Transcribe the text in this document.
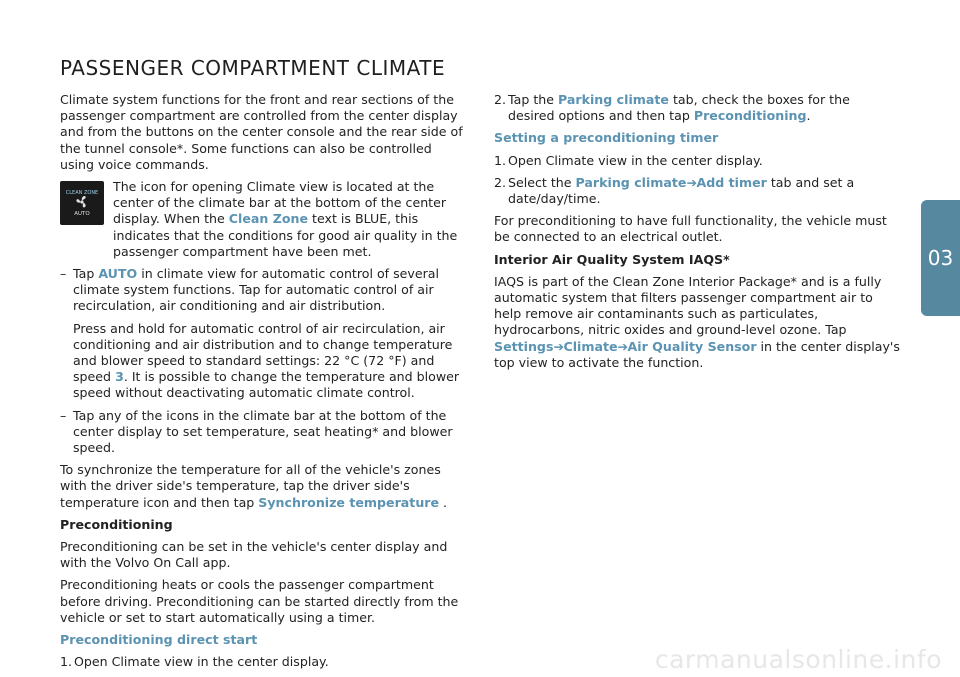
PASSENGER COMPARTMENT CLIMATE

Climate system functions for the front and rear sections of the passenger compartment are controlled from the center display and from the buttons on the center console and the rear side of the tunnel console*. Some functions can also be controlled using voice commands.

CLEAN ZONE
AUTO
The icon for opening Climate view is located at the center of the climate bar at the bottom of the center display. When the Clean Zone text is BLUE, this indicates that the conditions for good air quality in the passenger compartment have been met.

– Tap AUTO in climate view for automatic control of several climate system functions. Tap for automatic control of air recirculation, air conditioning and air distribution.

Press and hold for automatic control of air recirculation, air conditioning and air distribution and to change temperature and blower speed to standard settings: 22 °C (72 °F) and speed 3. It is possible to change the temperature and blower speed without deactivating automatic climate control.

– Tap any of the icons in the climate bar at the bottom of the center display to set temperature, seat heating* and blower speed.

To synchronize the temperature for all of the vehicle's zones with the driver side's temperature, tap the driver side's temperature icon and then tap Synchronize temperature .

Preconditioning

Preconditioning can be set in the vehicle's center display and with the Volvo On Call app.

Preconditioning heats or cools the passenger compartment before driving. Preconditioning can be started directly from the vehicle or set to start automatically using a timer.

Preconditioning direct start

1. Open Climate view in the center display.
2. Tap the Parking climate tab, check the boxes for the desired options and then tap Preconditioning.

Setting a preconditioning timer

1. Open Climate view in the center display.
2. Select the Parking climate➔Add timer tab and set a date/day/time.

For preconditioning to have full functionality, the vehicle must be connected to an electrical outlet.

Interior Air Quality System IAQS*

IAQS is part of the Clean Zone Interior Package* and is a fully automatic system that filters passenger compartment air to help remove air contaminants such as particulates, hydrocarbons, nitric oxides and ground-level ozone. Tap Settings➔Climate➔Air Quality Sensor in the center display's top view to activate the function.

03
carmanualsonline.info
